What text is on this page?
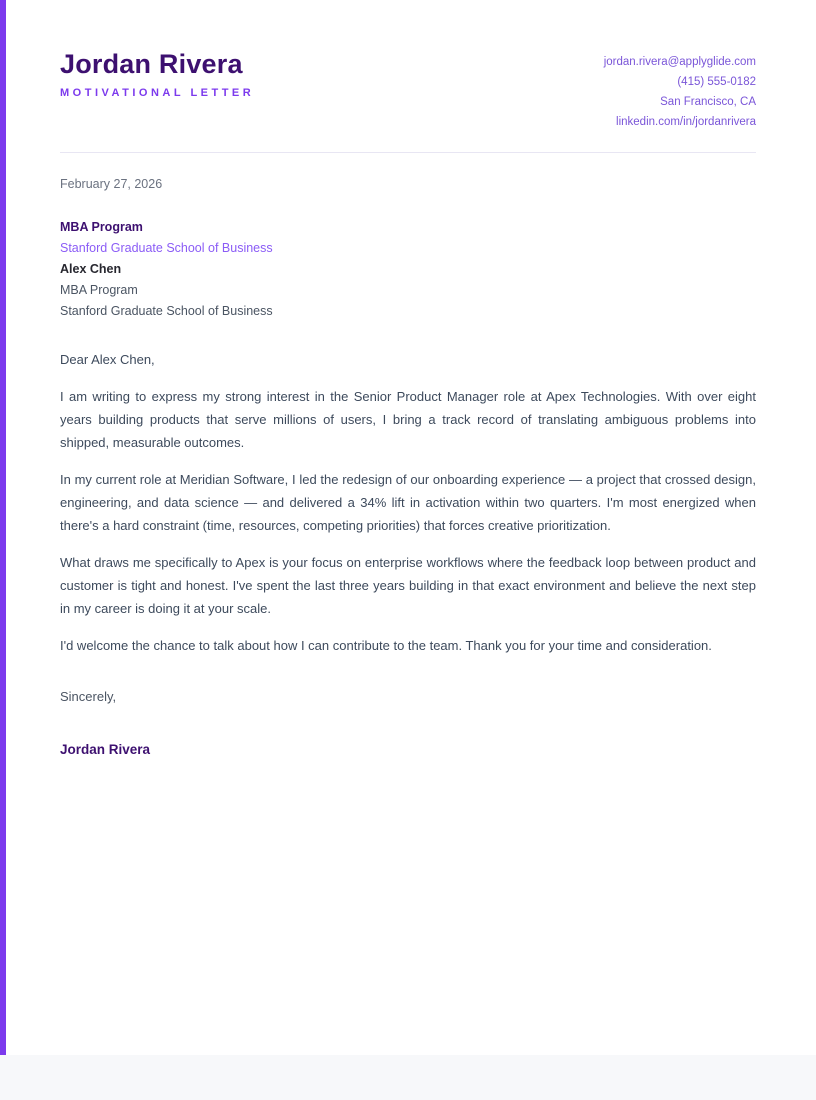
Jordan Rivera
MOTIVATIONAL LETTER
jordan.rivera@applyglide.com
(415) 555-0182
San Francisco, CA
linkedin.com/in/jordanrivera
February 27, 2026
MBA Program
Stanford Graduate School of Business
Alex Chen
MBA Program
Stanford Graduate School of Business

Dear Alex Chen,

I am writing to express my strong interest in the Senior Product Manager role at Apex Technologies. With over eight years building products that serve millions of users, I bring a track record of translating ambiguous problems into shipped, measurable outcomes.

In my current role at Meridian Software, I led the redesign of our onboarding experience — a project that crossed design, engineering, and data science — and delivered a 34% lift in activation within two quarters. I'm most energized when there's a hard constraint (time, resources, competing priorities) that forces creative prioritization.

What draws me specifically to Apex is your focus on enterprise workflows where the feedback loop between product and customer is tight and honest. I've spent the last three years building in that exact environment and believe the next step in my career is doing it at your scale.

I'd welcome the chance to talk about how I can contribute to the team. Thank you for your time and consideration.

Sincerely,

Jordan Rivera
